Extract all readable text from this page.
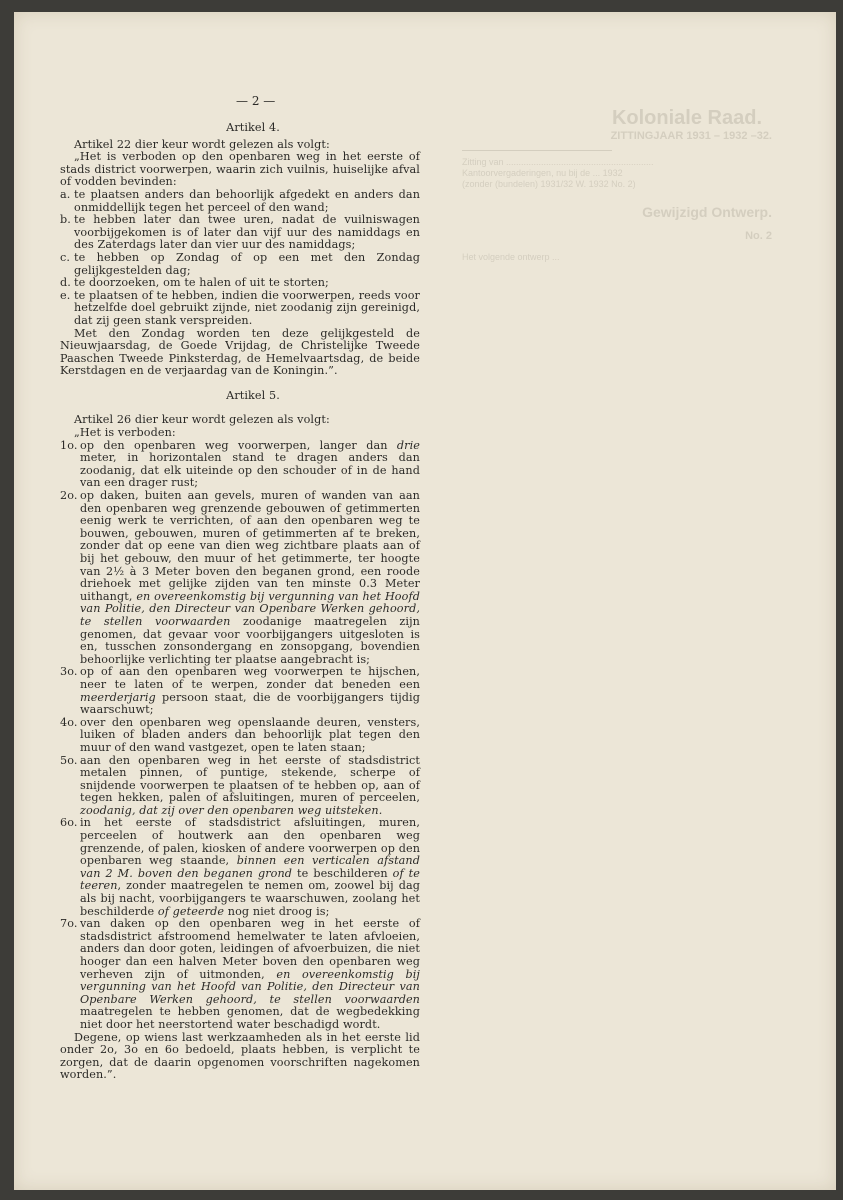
Koloniale Raad.
ZITTINGJAAR 1931 – 1932 –32.
Zitting van ...........................................................
Kantoorvergaderingen, nu bij de ... 1932
(zonder (bundelen) 1931/32 W. 1932 No. 2)
Gewijzigd Ontwerp.
No. 2
Het volgende ontwerp ...
— 2 —
Artikel 4.

Artikel 22 dier keur wordt gelezen als volgt:

„Het is verboden op den openbaren weg in het eerste of stads district voorwerpen, waarin zich vuilnis, huiselijke afval of vodden bevinden:

a. te plaatsen anders dan behoorlijk afgedekt en anders dan onmiddellijk tegen het perceel of den wand;
b. te hebben later dan twee uren, nadat de vuilniswagen voorbijgekomen is of later dan vijf uur des namiddags en des Zaterdags later dan vier uur des namiddags;
c. te hebben op Zondag of op een met den Zondag gelijkgestelden dag;
d. te doorzoeken, om te halen of uit te storten;
e. te plaatsen of te hebben, indien die voorwerpen, reeds voor hetzelfde doel gebruikt zijnde, niet zoodanig zijn gereinigd, dat zij geen stank verspreiden.

Met den Zondag worden ten deze gelijkgesteld de Nieuwjaarsdag, de Goede Vrijdag, de Christelijke Tweede Paaschen Tweede Pinksterdag, de Hemelvaartsdag, de beide Kerstdagen en de verjaardag van de Koningin.”.

Artikel 5.

Artikel 26 dier keur wordt gelezen als volgt:

„Het is verboden:

1o. op den openbaren weg voorwerpen, langer dan drie meter, in horizontalen stand te dragen anders dan zoodanig, dat elk uiteinde op den schouder of in de hand van een drager rust;
2o. op daken, buiten aan gevels, muren of wanden van aan den openbaren weg grenzende gebouwen of getimmerten eenig werk te verrichten, of aan den openbaren weg te bouwen, gebouwen, muren of getimmerten af te breken, zonder dat op eene van dien weg zichtbare plaats aan of bij het gebouw, den muur of het getimmerte, ter hoogte van 2½ à 3 Meter boven den beganen grond, een roode driehoek met gelijke zijden van ten minste 0.3 Meter uithangt, en overeenkomstig bij vergunning van het Hoofd van Politie, den Directeur van Openbare Werken gehoord, te stellen voorwaarden zoodanige maatregelen zijn genomen, dat gevaar voor voorbijgangers uitgesloten is en, tusschen zonsondergang en zonsopgang, bovendien behoorlijke verlichting ter plaatse aangebracht is;
3o. op of aan den openbaren weg voorwerpen te hijschen, neer te laten of te werpen, zonder dat beneden een meerderjarig persoon staat, die de voorbijgangers tijdig waarschuwt;
4o. over den openbaren weg openslaande deuren, vensters, luiken of bladen anders dan behoorlijk plat tegen den muur of den wand vastgezet, open te laten staan;
5o. aan den openbaren weg in het eerste of stadsdistrict metalen pinnen, of puntige, stekende, scherpe of snijdende voorwerpen te plaatsen of te hebben op, aan of tegen hekken, palen of afsluitingen, muren of perceelen, zoodanig, dat zij over den openbaren weg uitsteken.
6o. in het eerste of stadsdistrict afsluitingen, muren, perceelen of houtwerk aan den openbaren weg grenzende, of palen, kiosken of andere voorwerpen op den openbaren weg staande, binnen een verticalen afstand van 2 M. boven den beganen grond te beschilderen of te teeren, zonder maatregelen te nemen om, zoowel bij dag als bij nacht, voorbijgangers te waarschuwen, zoolang het beschilderde of geteerde nog niet droog is;
7o. van daken op den openbaren weg in het eerste of stadsdistrict afstroomend hemelwater te laten afvloeien, anders dan door goten, leidingen of afvoerbuizen, die niet hooger dan een halven Meter boven den openbaren weg verheven zijn of uitmonden, en overeenkomstig bij vergunning van het Hoofd van Politie, den Directeur van Openbare Werken gehoord, te stellen voorwaarden maatregelen te hebben genomen, dat de wegbedekking niet door het neerstortend water beschadigd wordt.

Degene, op wiens last werkzaamheden als in het eerste lid onder 2o, 3o en 6o bedoeld, plaats hebben, is verplicht te zorgen, dat de daarin opgenomen voorschriften nagekomen worden.”.
